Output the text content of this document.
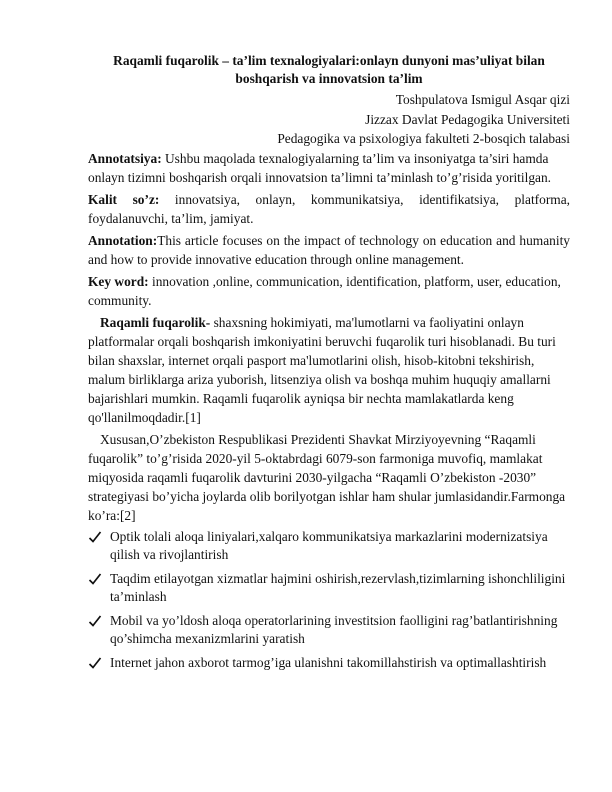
Raqamli fuqarolik – ta’lim texnalogiyalari:onlayn dunyoni mas’uliyat bilan boshqarish va innovatsion ta’lim

Toshpulatova Ismigul Asqar qizi

Jizzax Davlat Pedagogika Universiteti

Pedagogika va psixologiya fakulteti 2-bosqich talabasi

Annotatsiya: Ushbu maqolada texnalogiyalarning ta’lim va insoniyatga ta’siri hamda onlayn tizimni boshqarish orqali innovatsion ta’limni ta’minlash to’g’risida yoritilgan.

Kalit so’z: innovatsiya, onlayn, kommunikatsiya, identifikatsiya, platforma, foydalanuvchi, ta’lim, jamiyat.

Annotation:This article focuses on the impact of technology on education and humanity and how to provide innovative education through online management.

Key word: innovation ,online, communication, identification, platform, user, education, community.

Raqamli fuqarolik- shaxsning hokimiyati, ma'lumotlarni va faoliyatini onlayn platformalar orqali boshqarish imkoniyatini beruvchi fuqarolik turi hisoblanadi. Bu turi bilan shaxslar, internet orqali pasport ma'lumotlarini olish, hisob-kitobni tekshirish, malum birliklarga ariza yuborish, litsenziya olish va boshqa muhim huquqiy amallarni bajarishlari mumkin. Raqamli fuqarolik ayniqsa bir nechta mamlakatlarda keng qo'llanilmoqdadir.[1]

Xususan,O’zbekiston Respublikasi Prezidenti Shavkat Mirziyoyevning “Raqamli fuqarolik” to’g’risida 2020-yil 5-oktabrdagi 6079-son farmoniga muvofiq, mamlakat miqyosida raqamli fuqarolik davturini 2030-yilgacha “Raqamli O’zbekiston -2030” strategiyasi bo’yicha joylarda olib borilyotgan ishlar ham shular jumlasidandir.Farmonga ko’ra:[2]

Optik tolali aloqa liniyalari,xalqaro kommunikatsiya markazlarini modernizatsiya qilish va rivojlantirish
Taqdim etilayotgan xizmatlar hajmini oshirish,rezervlash,tizimlarning ishonchliligini ta’minlash
Mobil va yo’ldosh aloqa operatorlarining investitsion faolligini rag’batlantirishning qo’shimcha mexanizmlarini yaratish
Internet jahon axborot tarmog’iga ulanishni takomillahstirish va optimallashtirish
